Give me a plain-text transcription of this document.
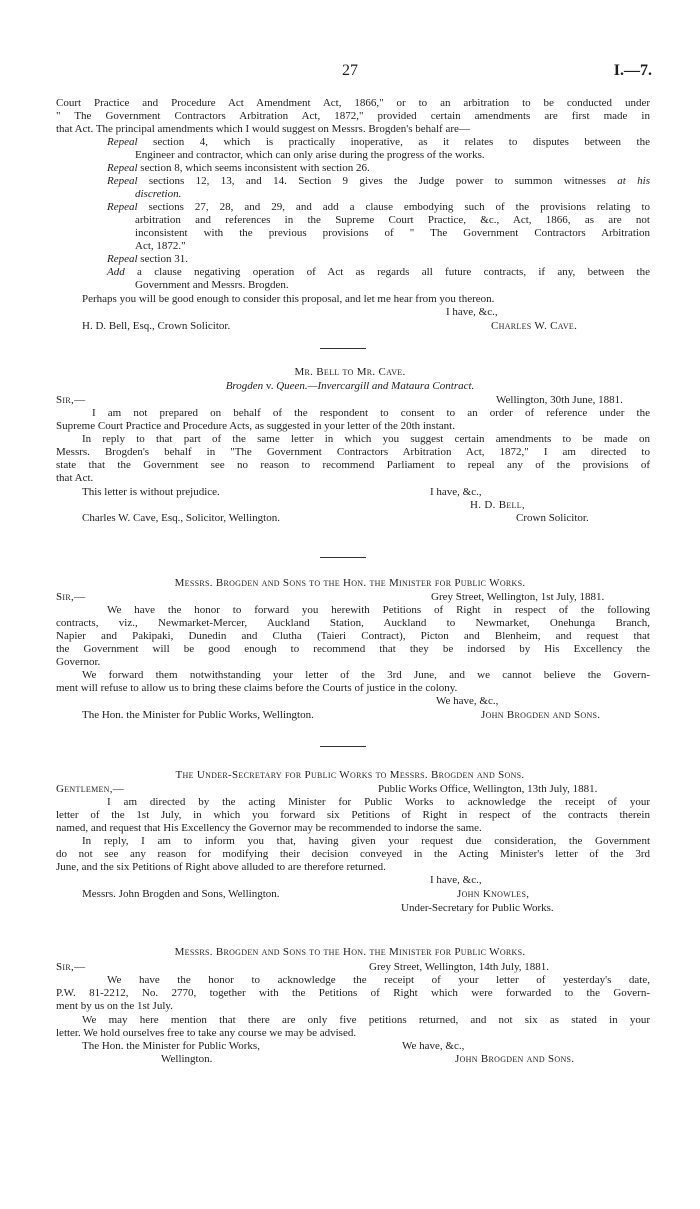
27	I.—7.
Court Practice and Procedure Act Amendment Act, 1866," or to an arbitration to be conducted under
" The Government Contractors Arbitration Act, 1872," provided certain amendments are first made in
that Act. The principal amendments which I would suggest on Messrs. Brogden's behalf are—
Repeal section 4, which is practically inoperative, as it relates to disputes between the
Engineer and contractor, which can only arise during the progress of the works.
Repeal section 8, which seems inconsistent with section 26.
Repeal sections 12, 13, and 14. Section 9 gives the Judge power to summon witnesses at his
discretion.
Repeal sections 27, 28, and 29, and add a clause embodying such of the provisions relating to
arbitration and references in the Supreme Court Practice, &c., Act, 1866, as are not
inconsistent with the previous provisions of " The Government Contractors Arbitration
Act, 1872."
Repeal section 31.
Add a clause negativing operation of Act as regards all future contracts, if any, between the
Government and Messrs. Brogden.
Perhaps you will be good enough to consider this proposal, and let me hear from you thereon.
I have, &c.,
H. D. Bell, Esq., Crown Solicitor.	Charles W. Cave.
Mr. Bell to Mr. Cave.
Brogden v. Queen.—Invercargill and Mataura Contract.
Sir,—	Wellington, 30th June, 1881.
I am not prepared on behalf of the respondent to consent to an order of reference under the
Supreme Court Practice and Procedure Acts, as suggested in your letter of the 20th instant.
In reply to that part of the same letter in which you suggest certain amendments to be made on
Messrs. Brogden's behalf in "The Government Contractors Arbitration Act, 1872," I am directed to
state that the Government see no reason to recommend Parliament to repeal any of the provisions of
that Act.
This letter is without prejudice.	I have, &c.,
H. D. Bell,
Charles W. Cave, Esq., Solicitor, Wellington.	Crown Solicitor.
Messrs. Brogden and Sons to the Hon. the Minister for Public Works.
Sir,—	Grey Street, Wellington, 1st July, 1881.
We have the honor to forward you herewith Petitions of Right in respect of the following
contracts, viz., Newmarket-Mercer, Auckland Station, Auckland to Newmarket, Onehunga Branch,
Napier and Pakipaki, Dunedin and Clutha (Taieri Contract), Picton and Blenheim, and request that
the Government will be good enough to recommend that they be indorsed by His Excellency the
Governor.
We forward them notwithstanding your letter of the 3rd June, and we cannot believe the Govern-
ment will refuse to allow us to bring these claims before the Courts of justice in the colony.
We have, &c.,
The Hon. the Minister for Public Works, Wellington.	John Brogden and Sons.
The Under-Secretary for Public Works to Messrs. Brogden and Sons.
Gentlemen,—	Public Works Office, Wellington, 13th July, 1881.
I am directed by the acting Minister for Public Works to acknowledge the receipt of your
letter of the 1st July, in which you forward six Petitions of Right in respect of the contracts therein
named, and request that His Excellency the Governor may be recommended to indorse the same.
In reply, I am to inform you that, having given your request due consideration, the Government
do not see any reason for modifying their decision conveyed in the Acting Minister's letter of the 3rd
June, and the six Petitions of Right above alluded to are therefore returned.
I have, &c.,
Messrs. John Brogden and Sons, Wellington.	John Knowles,
Under-Secretary for Public Works.
Messrs. Brogden and Sons to the Hon. the Minister for Public Works.
Sir,—	Grey Street, Wellington, 14th July, 1881.
We have the honor to acknowledge the receipt of your letter of yesterday's date,
P.W. 81-2212, No. 2770, together with the Petitions of Right which were forwarded to the Govern-
ment by us on the 1st July.
We may here mention that there are only five petitions returned, and not six as stated in your
letter. We hold ourselves free to take any course we may be advised.
The Hon. the Minister for Public Works,	We have, &c.,
Wellington.	John Brogden and Sons.
